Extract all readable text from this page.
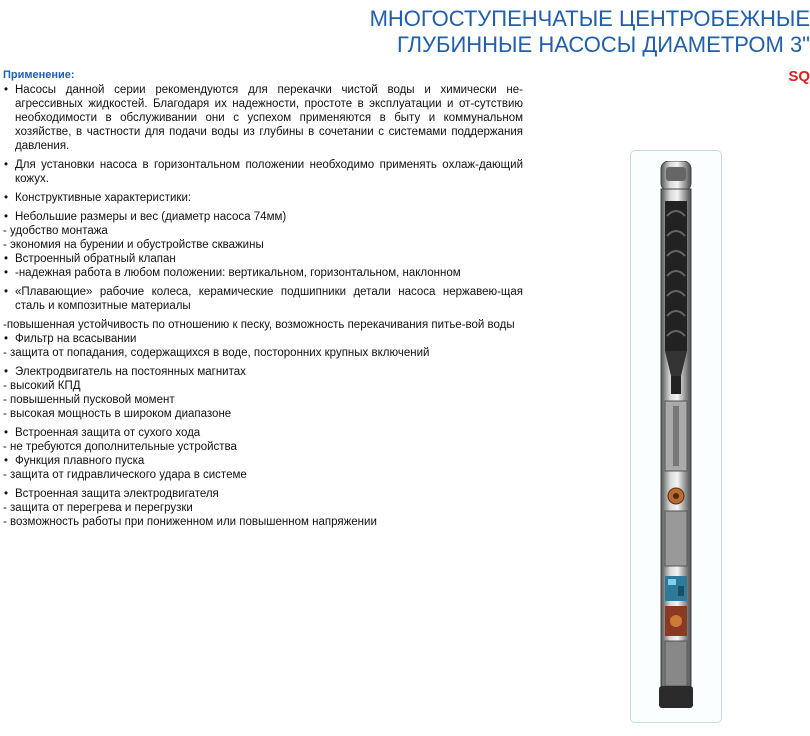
МНОГОСТУПЕНЧАТЫЕ ЦЕНТРОБЕЖНЫЕ
ГЛУБИННЫЕ НАСОСЫ ДИАМЕТРОМ 3"
SQ
Применение:
• Насосы данной серии рекомендуются для перекачки чистой воды и химически не-агрессивных жидкостей. Благодаря их надежности, простоте в эксплуатации и от-сутствию необходимости в обслуживании они с успехом применяются в быту и коммунальном хозяйстве, в частности для подачи воды из глубины в сочетании с системами поддержания давления.
• Для установки насоса в горизонтальном положении необходимо применять охлаж-дающий кожух.
• Конструктивные характеристики:
• Небольшие размеры и вес (диаметр насоса 74мм)
- удобство монтажа
- экономия на бурении и обустройстве скважины
• Встроенный обратный клапан
• -надежная работа в любом положении: вертикальном, горизонтальном, наклонном
• «Плавающие» рабочие колеса, керамические подшипники детали насоса нержавею-щая сталь и композитные материалы
-повышенная устойчивость по отношению к песку, возможность перекачивания питье-вой воды
• Фильтр на всасывании
- защита от попадания, содержащихся в воде, посторонних крупных включений
• Электродвигатель на постоянных магнитах
- высокий КПД
- повышенный пусковой момент
- высокая мощность в широком диапазоне
• Встроенная защита от сухого хода
- не требуются дополнительные устройства
• Функция плавного пуска
- защита от гидравлического удара в системе
• Встроенная защита электродвигателя
- защита от перегрева и перегрузки
- возможность работы при пониженном или повышенном напряжении
